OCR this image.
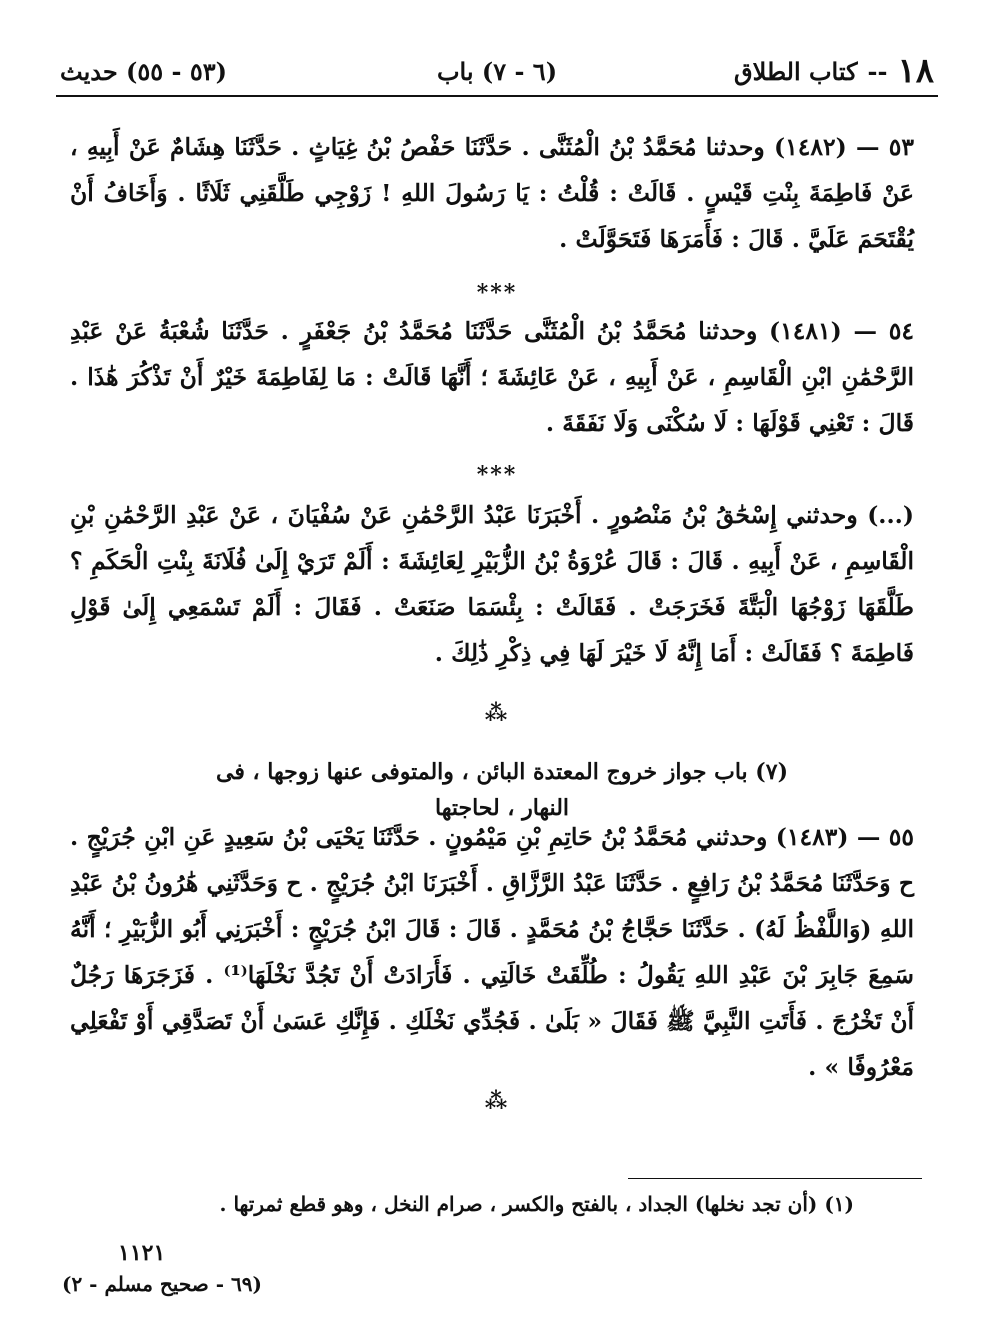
١٨
--
كتاب الطلاق
(٦ - ٧) باب
(٥٣ - ٥٥) حديث
٥٣ — (١٤٨٢) وحدثنا مُحَمَّدُ بْنُ الْمُثَنَّى . حَدَّثَنَا حَفْصُ بْنُ غِيَاثٍ . حَدَّثَنَا هِشَامٌ عَنْ أَبِيهِ ، عَنْ فَاطِمَةَ بِنْتِ قَيْسٍ . قَالَتْ : قُلْتُ : يَا رَسُولَ اللهِ ! زَوْجِي طَلَّقَنِي ثَلَاثًا . وَأَخَافُ أَنْ يُقْتَحَمَ عَلَيَّ . قَالَ : فَأَمَرَهَا فَتَحَوَّلَتْ .
***
٥٤ — (١٤٨١) وحدثنا مُحَمَّدُ بْنُ الْمُثَنَّى حَدَّثَنَا مُحَمَّدُ بْنُ جَعْفَرٍ . حَدَّثَنَا شُعْبَةُ عَنْ عَبْدِ الرَّحْمَٰنِ ابْنِ الْقَاسِمِ ، عَنْ أَبِيهِ ، عَنْ عَائِشَةَ ؛ أَنَّهَا قَالَتْ : مَا لِفَاطِمَةَ خَيْرٌ أَنْ تَذْكُرَ هَٰذَا . قَالَ : تَعْنِي قَوْلَهَا : لَا سُكْنَى وَلَا نَفَقَةَ .
***
(...) وحدثني إِسْحَٰقُ بْنُ مَنْصُورٍ . أَخْبَرَنَا عَبْدُ الرَّحْمَٰنِ عَنْ سُفْيَانَ ، عَنْ عَبْدِ الرَّحْمَٰنِ بْنِ الْقَاسِمِ ، عَنْ أَبِيهِ . قَالَ : قَالَ عُرْوَةُ بْنُ الزُّبَيْرِ لِعَائِشَةَ : أَلَمْ تَرَيْ إِلَىٰ فُلَانَةَ بِنْتِ الْحَكَمِ ؟ طَلَّقَهَا زَوْجُهَا الْبَتَّةَ فَخَرَجَتْ . فَقَالَتْ : بِئْسَمَا صَنَعَتْ . فَقَالَ : أَلَمْ تَسْمَعِي إِلَىٰ قَوْلِ فَاطِمَةَ ؟ فَقَالَتْ : أَمَا إِنَّهُ لَا خَيْرَ لَهَا فِي ذِكْرِ ذَٰلِكَ .
⁂
(٧) باب جواز خروج المعتدة البائن ، والمتوفى عنها زوجها ، فى النهار ، لحاجتها
٥٥ — (١٤٨٣) وحدثني مُحَمَّدُ بْنُ حَاتِمِ بْنِ مَيْمُونٍ . حَدَّثَنَا يَحْيَى بْنُ سَعِيدٍ عَنِ ابْنِ جُرَيْجٍ . ح وَحَدَّثَنَا مُحَمَّدُ بْنُ رَافِعٍ . حَدَّثَنَا عَبْدُ الرَّزَّاقِ . أَخْبَرَنَا ابْنُ جُرَيْجٍ . ح وَحَدَّثَنِي هَٰرُونُ بْنُ عَبْدِ اللهِ (وَاللَّفْظُ لَهُ) . حَدَّثَنَا حَجَّاجُ بْنُ مُحَمَّدٍ . قَالَ : قَالَ ابْنُ جُرَيْجٍ : أَخْبَرَنِي أَبُو الزُّبَيْرِ ؛ أَنَّهُ سَمِعَ جَابِرَ بْنَ عَبْدِ اللهِ يَقُولُ : طُلِّقَتْ خَالَتِي . فَأَرَادَتْ أَنْ تَجُدَّ نَخْلَهَا⁽¹⁾ . فَزَجَرَهَا رَجُلٌ أَنْ تَخْرُجَ . فَأَتَتِ النَّبِيَّ ﷺ فَقَالَ « بَلَىٰ . فَجُدِّي نَخْلَكِ . فَإِنَّكِ عَسَىٰ أَنْ تَصَدَّقِي أَوْ تَفْعَلِي مَعْرُوفًا » .
⁂
(١) (أن تجد نخلها) الجداد ، بالفتح والكسر ، صرام النخل ، وهو قطع ثمرتها .
١١٢١
(٦٩ - صحيح مسلم - ٢)
